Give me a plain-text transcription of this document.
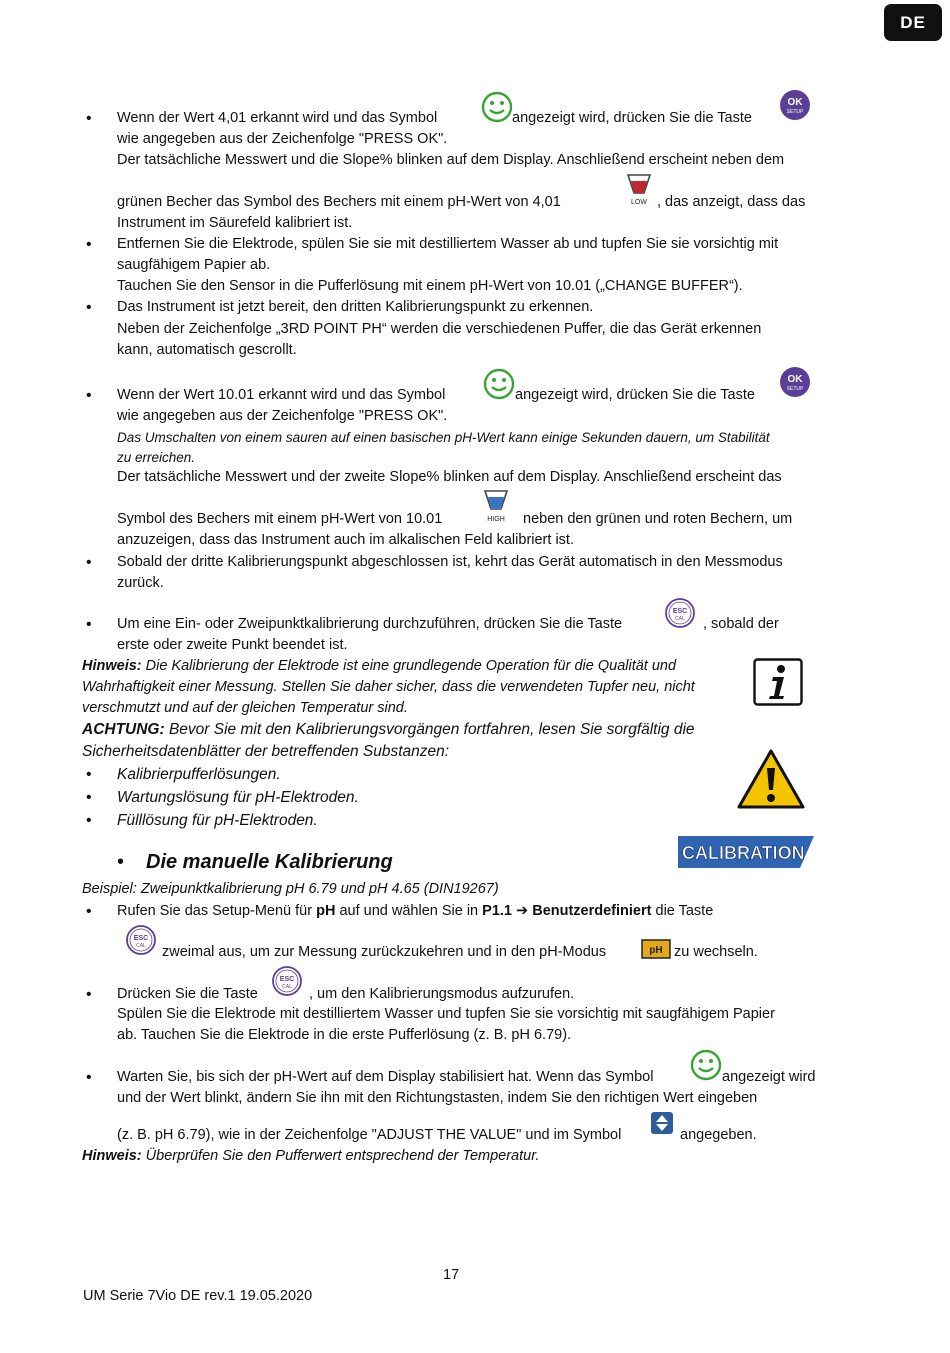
DE
• Wenn der Wert 4,01 erkannt wird und das Symbol	angezeigt wird, drücken Sie die Taste
OK
SETUP
wie angegeben aus der Zeichenfolge "PRESS OK".
Der tatsächliche Messwert und die Slope% blinken auf dem Display. Anschließend erscheint neben dem
grünen Becher das Symbol des Bechers mit einem pH-Wert von 4,01	LOW , das anzeigt, dass das
Instrument im Säurefeld kalibriert ist.
• Entfernen Sie die Elektrode, spülen Sie sie mit destilliertem Wasser ab und tupfen Sie sie vorsichtig mit
saugfähigem Papier ab.
Tauchen Sie den Sensor in die Pufferlösung mit einem pH-Wert von 10.01 („CHANGE BUFFER“).
• Das Instrument ist jetzt bereit, den dritten Kalibrierungspunkt zu erkennen.
Neben der Zeichenfolge „3RD POINT PH“ werden die verschiedenen Puffer, die das Gerät erkennen
kann, automatisch gescrollt.
• Wenn der Wert 10.01 erkannt wird und das Symbol	angezeigt wird, drücken Sie die Taste
OK
SETUP
wie angegeben aus der Zeichenfolge "PRESS OK".
Das Umschalten von einem sauren auf einen basischen pH-Wert kann einige Sekunden dauern, um Stabilität
zu erreichen.
Der tatsächliche Messwert und der zweite Slope% blinken auf dem Display. Anschließend erscheint das
Symbol des Bechers mit einem pH-Wert von 10.01	HIGH neben den grünen und roten Bechern, um
anzuzeigen, dass das Instrument auch im alkalischen Feld kalibriert ist.
• Sobald der dritte Kalibrierungspunkt abgeschlossen ist, kehrt das Gerät automatisch in den Messmodus
zurück.
• Um eine Ein- oder Zweipunktkalibrierung durchzuführen, drücken Sie die Taste
ESC
CAL , sobald der
erste oder zweite Punkt beendet ist.
Hinweis: Die Kalibrierung der Elektrode ist eine grundlegende Operation für die Qualität und
Wahrhaftigkeit einer Messung. Stellen Sie daher sicher, dass die verwendeten Tupfer neu, nicht
verschmutzt und auf der gleichen Temperatur sind.
ACHTUNG: Bevor Sie mit den Kalibrierungsvorgängen fortfahren, lesen Sie sorgfältig die
Sicherheitsdatenblätter der betreffenden Substanzen:
• Kalibrierpufferlösungen.
• Wartungslösung für pH-Elektroden.
• Fülllösung für pH-Elektroden.
CALIBRATION
• Die manuelle Kalibrierung
Beispiel: Zweipunktkalibrierung pH 6.79 und pH 4.65 (DIN19267)
• Rufen Sie das Setup-Menü für pH auf und wählen Sie in P1.1 ➔ Benutzerdefiniert die Taste
ESC
CAL zweimal aus, um zur Messung zurückzukehren und in den pH-Modus	pH zu wechseln.
• Drücken Sie die Taste
ESC
CAL , um den Kalibrierungsmodus aufzurufen.
Spülen Sie die Elektrode mit destilliertem Wasser und tupfen Sie sie vorsichtig mit saugfähigem Papier
ab. Tauchen Sie die Elektrode in die erste Pufferlösung (z. B. pH 6.79).
• Warten Sie, bis sich der pH-Wert auf dem Display stabilisiert hat. Wenn das Symbol	angezeigt wird
und der Wert blinkt, ändern Sie ihn mit den Richtungstasten, indem Sie den richtigen Wert eingeben
(z. B. pH 6.79), wie in der Zeichenfolge "ADJUST THE VALUE" und im Symbol	angegeben.
Hinweis: Überprüfen Sie den Pufferwert entsprechend der Temperatur.
17
UM Serie 7Vio DE rev.1 19.05.2020
